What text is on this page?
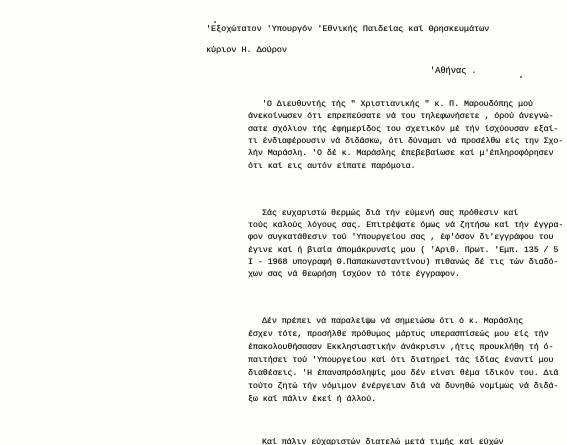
'Εξοχώτατον 'Υπουργόν 'Εθνικής Παιδείας καί Θρησκευμάτων
κύριον Η. Δούρον
'Αθήνας .
'Ο Διευθυντής τής " Χριστιανικής " κ. Π. Μαρουδόπης μού
άνεκοίνωσεν ότι επρεπεύσατε νά του τηλεφωνήσετε , όρού άνεγνώ-
σατε σχόλιον τής έφημερίδος του σχετικόν μέ τήν ίσχύουσαν εξαί-
τι ένδιαφέρουσιν νά διδάσκω, ότι δύναμαι νά προσέλθω είς την Σχο-
λήν Μαράσλη. 'Ο δέ κ. Μαράσλης έπεβεβαίωσε καί μ'έπληροφόρησεν
ότι καί εις αυτόν είπατε παρόμοια.
Σάς ευχαριστώ θερμώς διά τήν εύμενή σας πρόθεσιν καί
τούς καλούς λόγους σας. Επιτρέψατε όμως νά ζητήσω καί τήν έγγρα-
φον συγκατάθεσιν τού 'Υπουργείου σας , έφ'όσον δι'εγγράφου του
έγινε καί ή βιαία άπομάκρυνσίς μου ( 'Αριθ. Πρωτ. 'Εμπ. 135 / 5
Ι - 1968 υπογραφή Θ.Παπακωνσταντίνου) πιθανώς δέ τις τών διαδό-
χων σας νά θεωρήση ίσχύον τό τότε έγγραφον.
Δέν πρέπει νά παραλείψω νά σημειώσω ότι ό κ. Μαράσλης
έσχεν τότε, προσήλθε πρόθυμος μάρτυς υπερασπίσεώς μου είς τήν
έπακολουθήσασαν Εκκλησιαστικήν άνάκρισιν ,ήτις προυκλήθη τή ό-
παιτήσει τού 'Υπουργείου καί ότι διατηρεί τάς ίδίας έναντί μου
διαθέσεις. 'Η έπαναπρόσληψίς μου δέν είναι θέμα ίδικόν του. Διά
τούτο ζητώ τήν νόμιμον ένέργειαν διά νά δυνηθώ νομίμως νά διδά-
ξω καί πάλιν έκεί ή άλλού.
Καί πάλιν εύχαριστών διατελώ μετά τιμής καί εύχών
